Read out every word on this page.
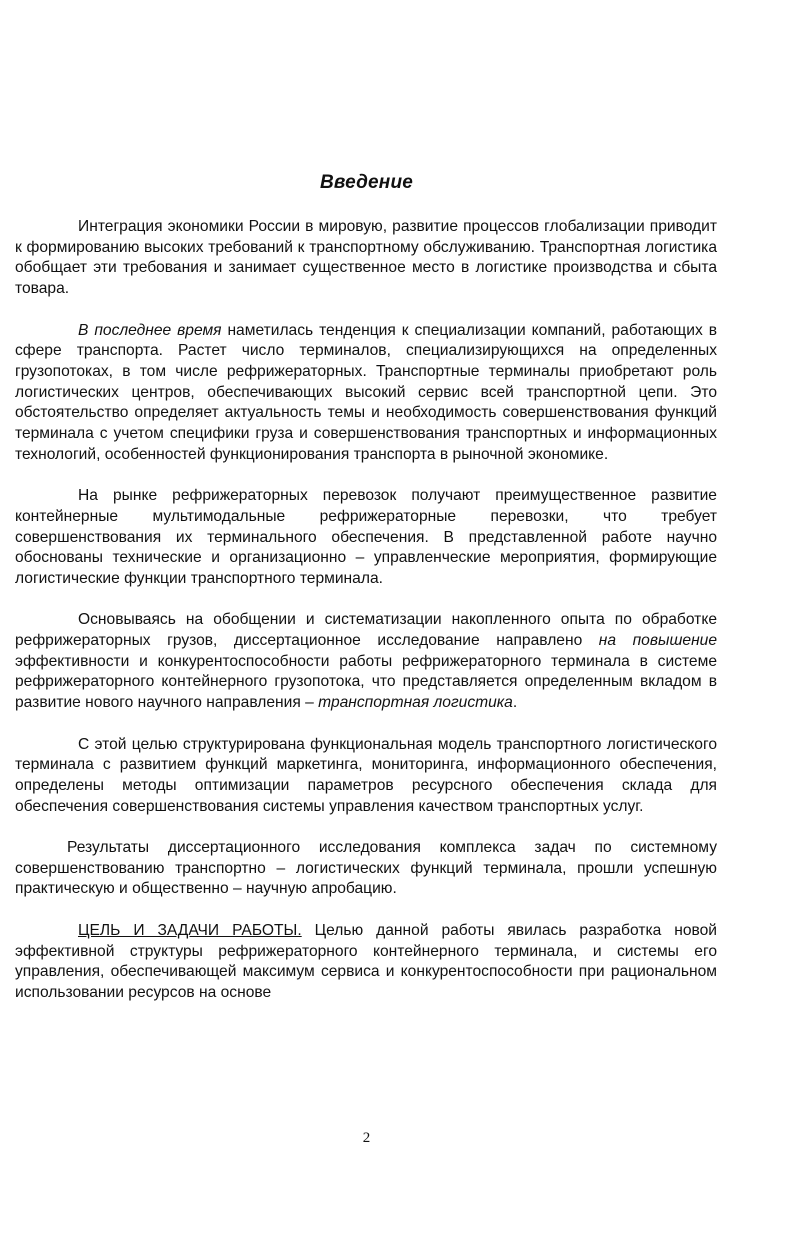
Введение

Интеграция экономики России в мировую, развитие процессов глобализации приводит к формированию высоких требований к транспортному обслуживанию. Транспортная логистика обобщает эти требования и занимает существенное место в логистике производства и сбыта товара.

В последнее время наметилась тенденция к специализации компаний, работающих в сфере транспорта. Растет число терминалов, специализирующихся на определенных грузопотоках, в том числе рефрижераторных. Транспортные терминалы приобретают роль логистических центров, обеспечивающих высокий сервис всей транспортной цепи. Это обстоятельство определяет актуальность темы и необходимость совершенствования функций терминала с учетом специфики груза и совершенствования транспортных и информационных технологий, особенностей функционирования транспорта в рыночной экономике.

На рынке рефрижераторных перевозок получают преимущественное развитие контейнерные мультимодальные рефрижераторные перевозки, что требует совершенствования их терминального обеспечения. В представленной работе научно обоснованы технические и организационно – управленческие мероприятия, формирующие логистические функции транспортного терминала.

Основываясь на обобщении и систематизации накопленного опыта по обработке рефрижераторных грузов, диссертационное исследование направлено на повышение эффективности и конкурентоспособности работы рефрижераторного терминала в системе рефрижераторного контейнерного грузопотока, что представляется определенным вкладом в развитие нового научного направления – транспортная логистика.

С этой целью структурирована функциональная модель транспортного логистического терминала с развитием функций маркетинга, мониторинга, информационного обеспечения, определены методы оптимизации параметров ресурсного обеспечения склада для обеспечения совершенствования системы управления качеством транспортных услуг.

Результаты диссертационного исследования комплекса задач по системному совершенствованию транспортно – логистических функций терминала, прошли успешную практическую и общественно – научную апробацию.

ЦЕЛЬ И ЗАДАЧИ РАБОТЫ. Целью данной работы явилась разработка новой эффективной структуры рефрижераторного контейнерного терминала, и системы его управления, обеспечивающей максимум сервиса и конкурентоспособности при рациональном использовании ресурсов на основе

2
